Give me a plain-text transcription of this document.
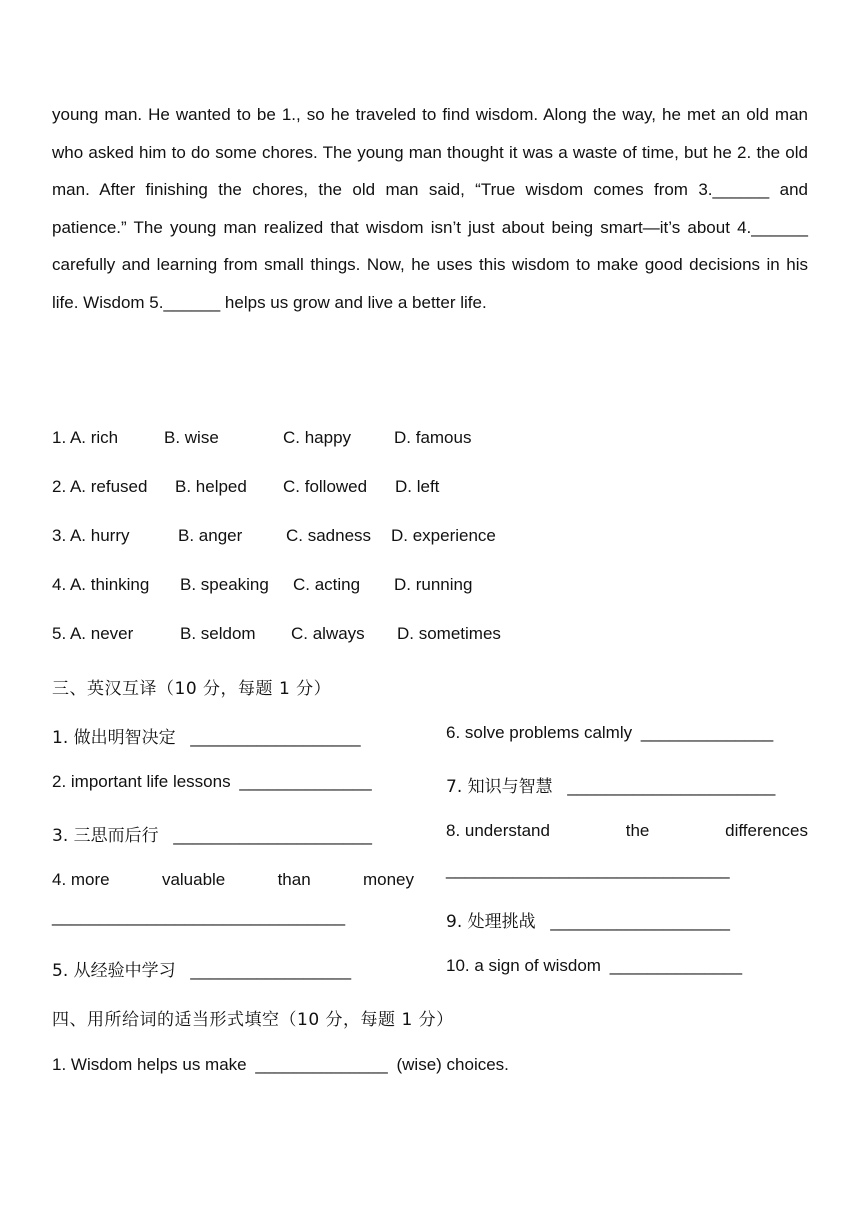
young man. He wanted to be 1., so he traveled to find wisdom. Along the way, he met an old man who asked him to do some chores. The young man thought it was a waste of time, but he 2. the old man. After finishing the chores, the old man said, “True wisdom comes from 3.______ and patience.” The young man realized that wisdom isn’t just about being smart—it’s about 4.______ carefully and learning from small things. Now, he uses this wisdom to make good decisions in his life. Wisdom 5.______ helps us grow and live a better life.

1. A. rich	B. wise	C. happy	D. famous
2. A. refused B. helped C. followed D. left
3. A. hurry	B. anger	C. sadness D. experience
4. A. thinking B. speaking C. acting D. running
5. A. never	B. seldom C. always D. sometimes
三、英汉互译（10 分，每题 1 分）
1. 做出明智决定 __________________
2. important life lessons ______________
3. 三思而后行 _____________________
4. more	valuable	than	money
_______________________________
5. 从经验中学习 _________________
6. solve problems calmly ______________
7. 知识与智慧 ______________________
8. understand	the	differences
______________________________
9. 处理挑战 ___________________
10. a sign of wisdom ______________
四、用所给词的适当形式填空（10 分，每题 1 分）
1. Wisdom helps us make ______________ (wise) choices.
